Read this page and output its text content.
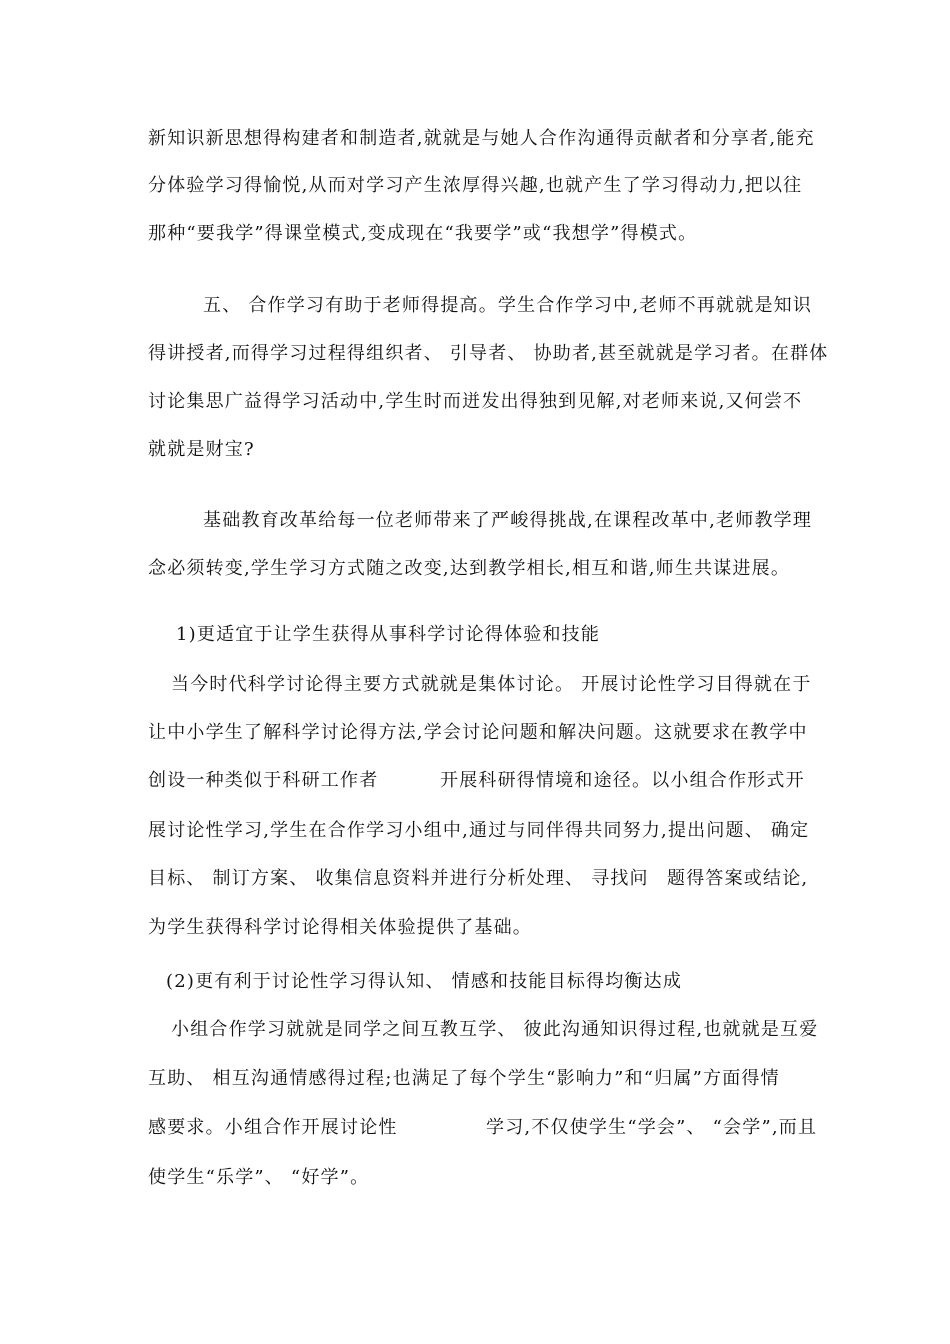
新知识新思想得构建者和制造者,就就是与她人合作沟通得贡献者和分享者,能充
分体验学习得愉悦,从而对学习产生浓厚得兴趣,也就产生了学习得动力,把以往
那种“要我学”得课堂模式,变成现在“我要学”或“我想学”得模式。
五、 合作学习有助于老师得提高。学生合作学习中,老师不再就就是知识
得讲授者,而得学习过程得组织者、 引导者、 协助者,甚至就就是学习者。在群体
讨论集思广益得学习活动中,学生时而迸发出得独到见解,对老师来说,又何尝不
就就是财宝?
基础教育改革给每一位老师带来了严峻得挑战,在课程改革中,老师教学理
念必须转变,学生学习方式随之改变,达到教学相长,相互和谐,师生共谋进展。
1)更适宜于让学生获得从事科学讨论得体验和技能
当今时代科学讨论得主要方式就就是集体讨论。 开展讨论性学习目得就在于
让中小学生了解科学讨论得方法,学会讨论问题和解决问题。这就要求在教学中
创设一种类似于科研工作者	开展科研得情境和途径。以小组合作形式开
展讨论性学习,学生在合作学习小组中,通过与同伴得共同努力,提出问题、 确定
目标、 制订方案、 收集信息资料并进行分析处理、 寻找问 题得答案或结论,
为学生获得科学讨论得相关体验提供了基础。
(2)更有利于讨论性学习得认知、 情感和技能目标得均衡达成
小组合作学习就就是同学之间互教互学、 彼此沟通知识得过程,也就就是互爱
互助、 相互沟通情感得过程;也满足了每个学生“影响力”和“归属”方面得情
感要求。小组合作开展讨论性	学习,不仅使学生“学会”、 “会学”,而且
使学生“乐学”、 “好学”。
